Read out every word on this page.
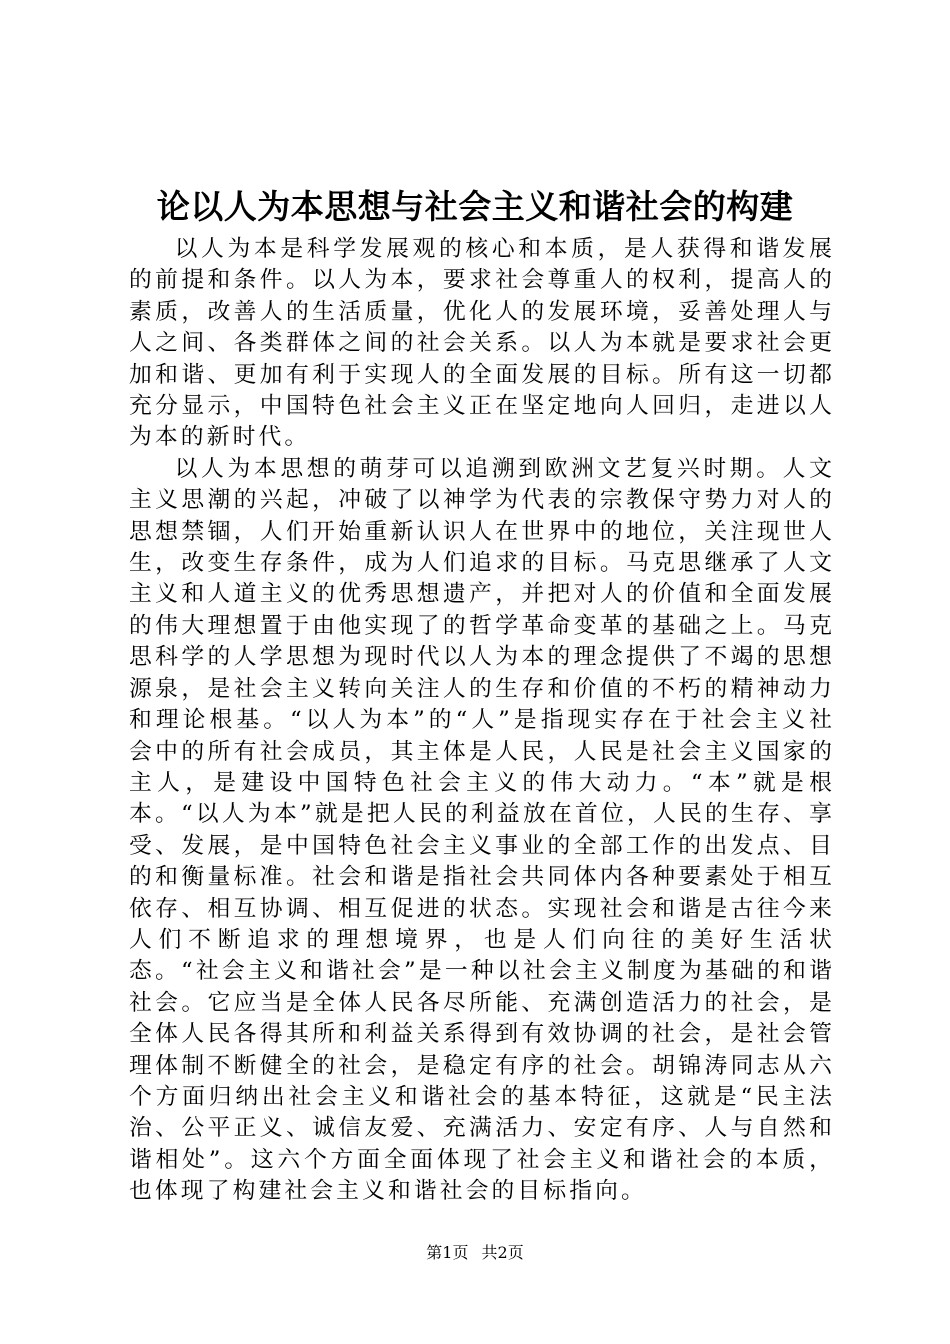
论以人为本思想与社会主义和谐社会的构建

以人为本是科学发展观的核心和本质，是人获得和谐发展的前提和条件。以人为本，要求社会尊重人的权利，提高人的素质，改善人的生活质量，优化人的发展环境，妥善处理人与人之间、各类群体之间的社会关系。以人为本就是要求社会更加和谐、更加有利于实现人的全面发展的目标。所有这一切都充分显示，中国特色社会主义正在坚定地向人回归，走进以人为本的新时代。

以人为本思想的萌芽可以追溯到欧洲文艺复兴时期。人文主义思潮的兴起，冲破了以神学为代表的宗教保守势力对人的思想禁锢，人们开始重新认识人在世界中的地位，关注现世人生，改变生存条件，成为人们追求的目标。马克思继承了人文主义和人道主义的优秀思想遗产，并把对人的价值和全面发展的伟大理想置于由他实现了的哲学革命变革的基础之上。马克思科学的人学思想为现时代以人为本的理念提供了不竭的思想源泉，是社会主义转向关注人的生存和价值的不朽的精神动力和理论根基。“以人为本”的“人”是指现实存在于社会主义社会中的所有社会成员，其主体是人民，人民是社会主义国家的主人，是建设中国特色社会主义的伟大动力。“本”就是根本。“以人为本”就是把人民的利益放在首位，人民的生存、享受、发展，是中国特色社会主义事业的全部工作的出发点、目的和衡量标准。社会和谐是指社会共同体内各种要素处于相互依存、相互协调、相互促进的状态。实现社会和谐是古往今来人们不断追求的理想境界，也是人们向往的美好生活状态。“社会主义和谐社会”是一种以社会主义制度为基础的和谐社会。它应当是全体人民各尽所能、充满创造活力的社会，是全体人民各得其所和利益关系得到有效协调的社会，是社会管理体制不断健全的社会，是稳定有序的社会。胡锦涛同志从六个方面归纳出社会主义和谐社会的基本特征，这就是“民主法治、公平正义、诚信友爱、充满活力、安定有序、人与自然和谐相处”。这六个方面全面体现了社会主义和谐社会的本质，也体现了构建社会主义和谐社会的目标指向。

第1页 共2页
